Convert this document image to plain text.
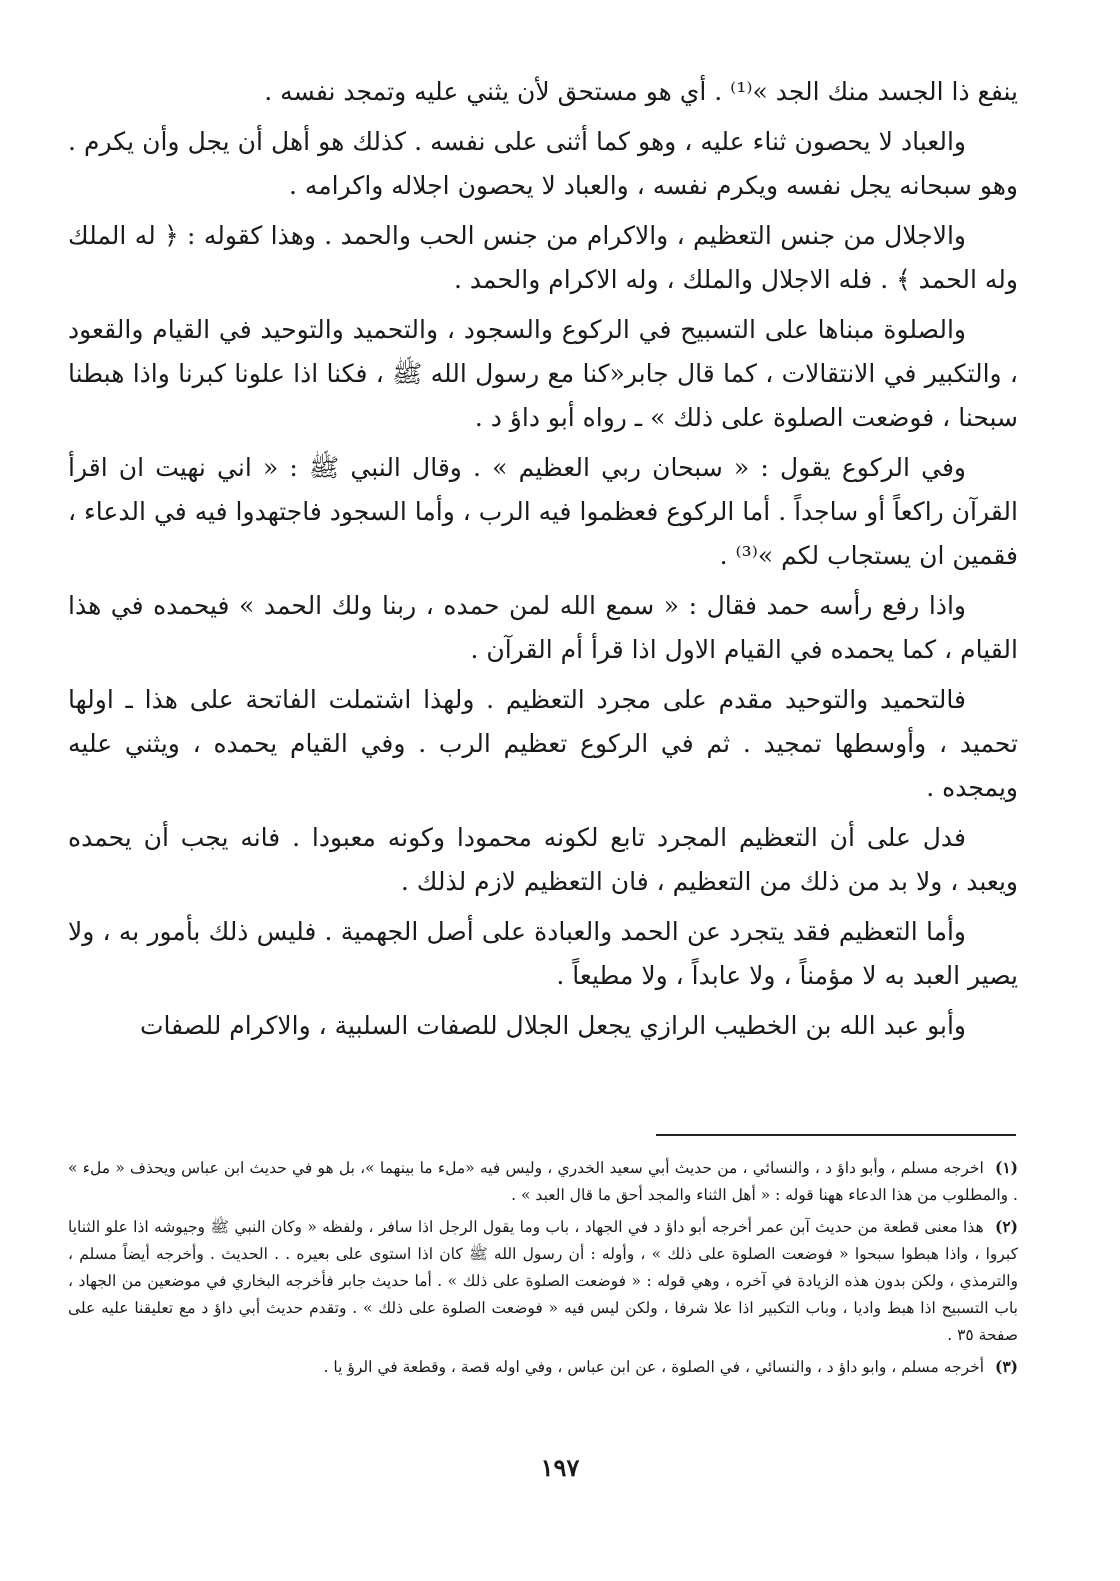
ينفع ذا الجسد منك الجد »⁽¹⁾ . أي هو مستحق لأن يثني عليه وتمجد نفسه .

والعباد لا يحصون ثناء عليه ، وهو كما أثنى على نفسه . كذلك هو أهل أن يجل وأن يكرم . وهو سبحانه يجل نفسه ويكرم نفسه ، والعباد لا يحصون اجلاله واكرامه .

والاجلال من جنس التعظيم ، والاكرام من جنس الحب والحمد . وهذا كقوله : ﴿ له الملك وله الحمد ﴾ . فله الاجلال والملك ، وله الاكرام والحمد .

والصلوة مبناها على التسبيح في الركوع والسجود ، والتحميد والتوحيد في القيام والقعود ، والتكبير في الانتقالات ، كما قال جابر«كنا مع رسول الله ﷺ ، فكنا اذا علونا كبرنا واذا هبطنا سبحنا ، فوضعت الصلوة على ذلك » ـ رواه أبو داؤ د .

وفي الركوع يقول : « سبحان ربي العظيم » . وقال النبي ﷺ : « اني نهيت ان اقرأ القرآن راكعاً أو ساجداً . أما الركوع فعظموا فيه الرب ، وأما السجود فاجتهدوا فيه في الدعاء ، فقمين ان يستجاب لكم »⁽³⁾ .

واذا رفع رأسه حمد فقال : « سمع الله لمن حمده ، ربنا ولك الحمد » فيحمده في هذا القيام ، كما يحمده في القيام الاول اذا قرأ أم القرآن .

فالتحميد والتوحيد مقدم على مجرد التعظيم . ولهذا اشتملت الفاتحة على هذا ـ اولها تحميد ، وأوسطها تمجيد . ثم في الركوع تعظيم الرب . وفي القيام يحمده ، ويثني عليه ويمجده .

فدل على أن التعظيم المجرد تابع لكونه محمودا وكونه معبودا . فانه يجب أن يحمده ويعبد ، ولا بد من ذلك من التعظيم ، فان التعظيم لازم لذلك .

وأما التعظيم فقد يتجرد عن الحمد والعبادة على أصل الجهمية . فليس ذلك بأمور به ، ولا يصير العبد به لا مؤمناً ، ولا عابداً ، ولا مطيعاً .

وأبو عبد الله بن الخطيب الرازي يجعل الجلال للصفات السلبية ، والاكرام للصفات

(١) اخرجه مسلم ، وأبو داؤ د ، والنسائي ، من حديث أبي سعيد الخدري ، وليس فيه «ملء ما بينهما »، بل هو في حديث ابن عباس ويحذف « ملء » . والمطلوب من هذا الدعاء ههنا قوله : « أهل الثناء والمجد أحق ما قال العبد » .

(٢) هذا معنى قطعة من حديث آبن عمر أخرجه أبو داؤ د في الجهاد ، باب وما يقول الرجل اذا سافر ، ولفظه « وكان النبي ﷺ وجيوشه اذا علو الثنايا كبروا ، واذا هبطوا سبحوا « فوضعت الصلوة على ذلك » ، وأوله : أن رسول الله ﷺ كان اذا استوى على بعيره . . الحديث . وأخرجه أيضاً مسلم ، والترمذي ، ولكن بدون هذه الزيادة في آخره ، وهي قوله : « فوضعت الصلوة على ذلك » . أما حديث جابر فأخرجه البخاري في موضعين من الجهاد ، باب التسبيح اذا هبط واديا ، وباب التكبير اذا علا شرفا ، ولكن ليس فيه « فوضعت الصلوة على ذلك » . وتقدم حديث أبي داؤ د مع تعليقنا عليه على صفحة ٣٥ .

(٣) أخرجه مسلم ، وابو داؤ د ، والنسائي ، في الصلوة ، عن ابن عباس ، وفي اوله قصة ، وقطعة في الرؤ يا .

١٩٧
